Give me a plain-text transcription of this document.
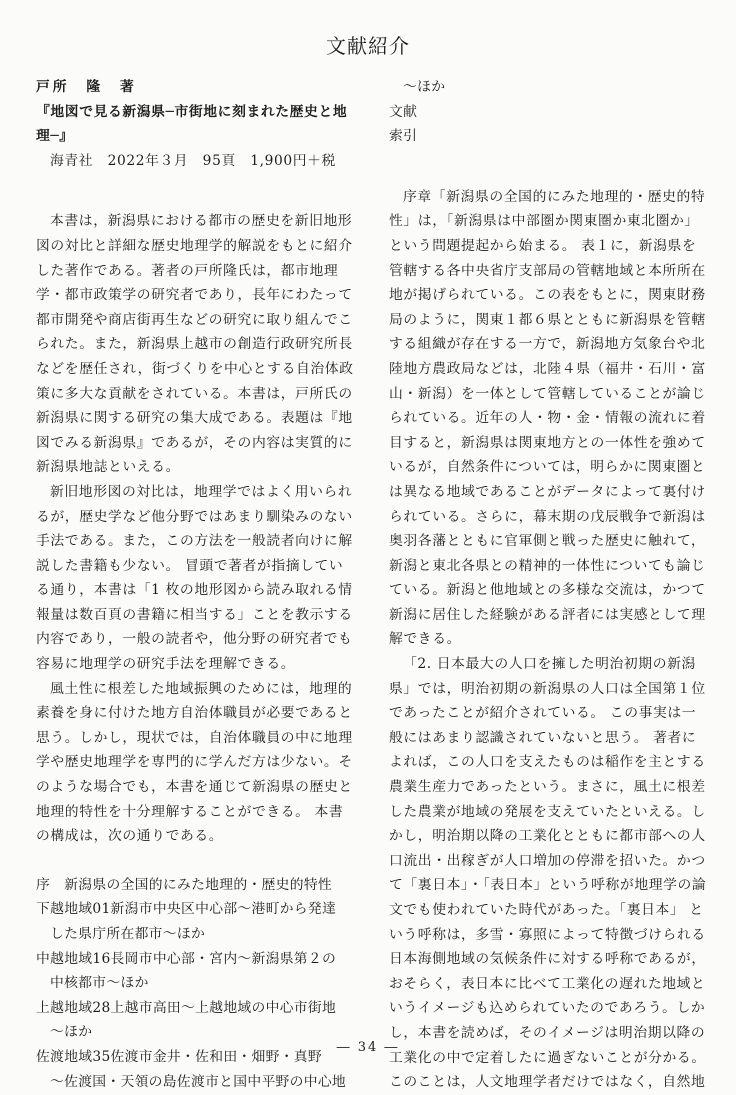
文献紹介
戸所　隆　著
『地図で見る新潟県─市街地に刻まれた歴史と地
理─』
海青社　2022年３月　95頁　1,900円＋税
本書は，新潟県における都市の歴史を新旧地形
図の対比と詳細な歴史地理学的解説をもとに紹介
した著作である。著者の戸所隆氏は，都市地理
学・都市政策学の研究者であり，長年にわたって
都市開発や商店街再生などの研究に取り組んでこ
られた。また，新潟県上越市の創造行政研究所長
などを歴任され，街づくりを中心とする自治体政
策に多大な貢献をされている。本書は，戸所氏の
新潟県に関する研究の集大成である。表題は『地
図でみる新潟県』であるが，その内容は実質的に
新潟県地誌といえる。
新旧地形図の対比は，地理学ではよく用いられ
るが，歴史学など他分野ではあまり馴染みのない
手法である。また，この方法を一般読者向けに解
説した書籍も少ない。 冒頭で著者が指摘してい
る通り，本書は「1 枚の地形図から読み取れる情
報量は数百頁の書籍に相当する」ことを教示する
内容であり，一般の読者や，他分野の研究者でも
容易に地理学の研究手法を理解できる。
風土性に根差した地域振興のためには，地理的
素養を身に付けた地方自治体職員が必要であると
思う。しかし，現状では，自治体職員の中に地理
学や歴史地理学を専門的に学んだ方は少ない。そ
のような場合でも，本書を通じて新潟県の歴史と
地理的特性を十分理解することができる。 本書
の構成は，次の通りである。
序　新潟県の全国的にみた地理的・歴史的特性
下越地域01新潟市中央区中心部～港町から発達
した県庁所在都市～ほか
中越地域16長岡市中心部・宮内～新潟県第２の
中核都市～ほか
上越地域28上越市高田～上越地域の中心市街地
～ほか
佐渡地域35佐渡市金井・佐和田・畑野・真野
～佐渡国・天領の島佐渡市と国中平野の中心地
～ほか
文献
索引
序章「新潟県の全国的にみた地理的・歴史的特
性」は，「新潟県は中部圏か関東圏か東北圏か」
という問題提起から始まる。 表１に，新潟県を
管轄する各中央省庁支部局の管轄地域と本所所在
地が掲げられている。この表をもとに，関東財務
局のように，関東１都６県とともに新潟県を管轄
する組織が存在する一方で，新潟地方気象台や北
陸地方農政局などは，北陸４県（福井・石川・富
山・新潟）を一体として管轄していることが論じ
られている。近年の人・物・金・情報の流れに着
目すると，新潟県は関東地方との一体性を強めて
いるが，自然条件については，明らかに関東圏と
は異なる地域であることがデータによって裏付け
られている。さらに，幕末期の戊辰戦争で新潟は
奥羽各藩とともに官軍側と戦った歴史に触れて，
新潟と東北各県との精神的一体性についても論じ
ている。新潟と他地域との多様な交流は，かつて
新潟に居住した経験がある評者には実感として理
解できる。
「2. 日本最大の人口を擁した明治初期の新潟
県」では，明治初期の新潟県の人口は全国第１位
であったことが紹介されている。 この事実は一
般にはあまり認識されていないと思う。 著者に
よれば，この人口を支えたものは稲作を主とする
農業生産力であったという。まさに，風土に根差
した農業が地域の発展を支えていたといえる。し
かし，明治期以降の工業化とともに都市部への人
口流出・出稼ぎが人口増加の停滞を招いた。かつ
て「裏日本」・「表日本」という呼称が地理学の論
文でも使われていた時代があった。「裏日本」 と
いう呼称は，多雪・寡照によって特徴づけられる
日本海側地域の気候条件に対する呼称であるが，
おそらく，表日本に比べて工業化の遅れた地域と
いうイメージも込められていたのであろう。しか
し，本書を読めば，そのイメージは明治期以降の
工業化の中で定着したに過ぎないことが分かる。
このことは，人文地理学者だけではなく，自然地
― 34 ―
